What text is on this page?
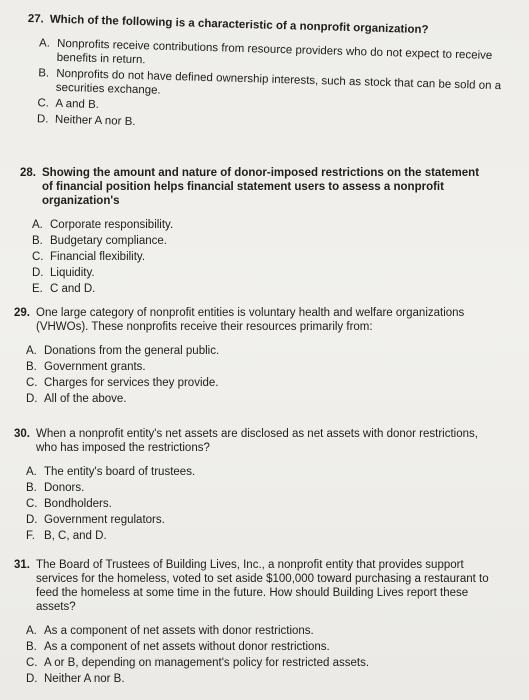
27. Which of the following is a characteristic of a nonprofit organization?
A. Nonprofits receive contributions from resource providers who do not expect to receive benefits in return.
B. Nonprofits do not have defined ownership interests, such as stock that can be sold on a securities exchange.
C. A and B.
D. Neither A nor B.
28. Showing the amount and nature of donor-imposed restrictions on the statement of financial position helps financial statement users to assess a nonprofit organization's
A. Corporate responsibility.
B. Budgetary compliance.
C. Financial flexibility.
D. Liquidity.
E. C and D.
29. One large category of nonprofit entities is voluntary health and welfare organizations (VHWOs). These nonprofits receive their resources primarily from:
A. Donations from the general public.
B. Government grants.
C. Charges for services they provide.
D. All of the above.
30. When a nonprofit entity's net assets are disclosed as net assets with donor restrictions, who has imposed the restrictions?
A. The entity's board of trustees.
B. Donors.
C. Bondholders.
D. Government regulators.
F. B, C, and D.
31. The Board of Trustees of Building Lives, Inc., a nonprofit entity that provides support services for the homeless, voted to set aside $100,000 toward purchasing a restaurant to feed the homeless at some time in the future. How should Building Lives report these assets?
A. As a component of net assets with donor restrictions.
B. As a component of net assets without donor restrictions.
C. A or B, depending on management's policy for restricted assets.
D. Neither A nor B.
